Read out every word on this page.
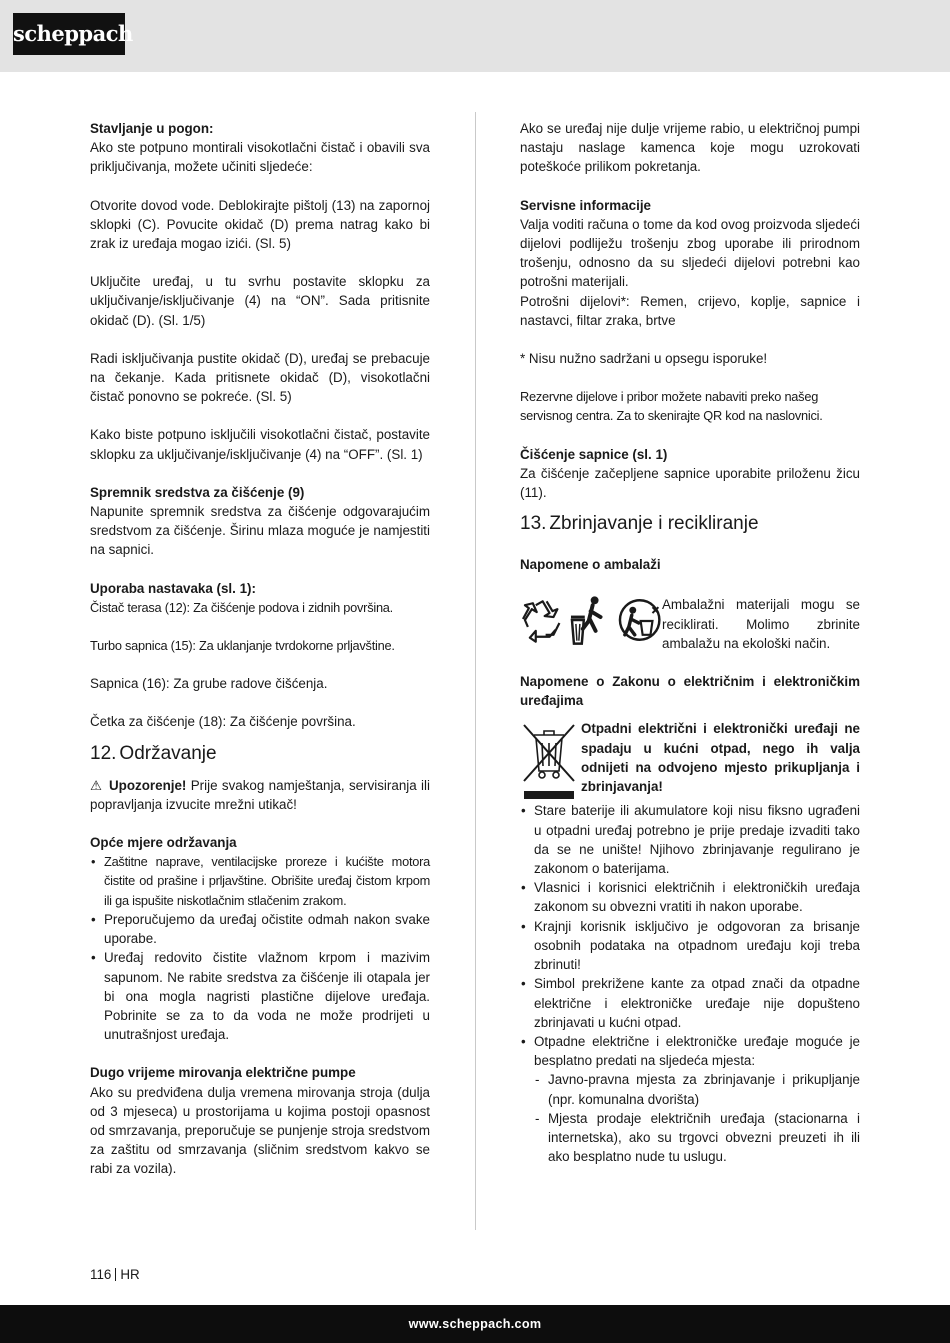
scheppach

Stavljanje u pogon:

Ako ste potpuno montirali visokotlačni čistač i obavili sva priključivanja, možete učiniti sljedeće:

Otvorite dovod vode. Deblokirajte pištolj (13) na zapornoj sklopki (C). Povucite okidač (D) prema natrag kako bi zrak iz uređaja mogao izići. (Sl. 5)

Uključite uređaj, u tu svrhu postavite sklopku za uključivanje/isključivanje (4) na “ON”. Sada pritisnite okidač (D). (Sl. 1/5)

Radi isključivanja pustite okidač (D), uređaj se prebacuje na čekanje. Kada pritisnete okidač (D), visokotlačni čistač ponovno se pokreće. (Sl. 5)

Kako biste potpuno isključili visokotlačni čistač, postavite sklopku za uključivanje/isključivanje (4) na “OFF”. (Sl. 1)

Spremnik sredstva za čišćenje (9)

Napunite spremnik sredstva za čišćenje odgovarajućim sredstvom za čišćenje. Širinu mlaza moguće je namjestiti na sapnici.

Uporaba nastavaka (sl. 1):

Čistač terasa (12): Za čišćenje podova i zidnih površina.

Turbo sapnica (15): Za uklanjanje tvrdokorne prljavštine.

Sapnica (16): Za grube radove čišćenja.

Četka za čišćenje (18): Za čišćenje površina.

12. Održavanje

⚠ Upozorenje! Prije svakog namještanja, servisiranja ili popravljanja izvucite mrežni utikač!

Opće mjere održavanja

• Zaštitne naprave, ventilacijske proreze i kućište motora čistite od prašine i prljavštine. Obrišite uređaj čistom krpom ili ga ispušite niskotlačnim stlačenim zrakom.
• Preporučujemo da uređaj očistite odmah nakon svake uporabe.
• Uređaj redovito čistite vlažnom krpom i mazivim sapunom. Ne rabite sredstva za čišćenje ili otapala jer bi ona mogla nagristi plastične dijelove uređaja. Pobrinite se za to da voda ne može prodrijeti u unutrašnjost uređaja.

Dugo vrijeme mirovanja električne pumpe

Ako su predviđena dulja vremena mirovanja stroja (dulja od 3 mjeseca) u prostorijama u kojima postoji opasnost od smrzavanja, preporučuje se punjenje stroja sredstvom za zaštitu od smrzavanja (sličnim sredstvom kakvo se rabi za vozila).

Ako se uređaj nije dulje vrijeme rabio, u električnoj pumpi nastaju naslage kamenca koje mogu uzrokovati poteškoće prilikom pokretanja.

Servisne informacije

Valja voditi računa o tome da kod ovog proizvoda sljedeći dijelovi podliježu trošenju zbog uporabe ili prirodnom trošenju, odnosno da su sljedeći dijelovi potrebni kao potrošni materijali.

Potrošni dijelovi*: Remen, crijevo, koplje, sapnice i nastavci, filtar zraka, brtve

* Nisu nužno sadržani u opsegu isporuke!

Rezervne dijelove i pribor možete nabaviti preko našeg servisnog centra. Za to skenirajte QR kod na naslovnici.

Čišćenje sapnice (sl. 1)

Za čišćenje začepljene sapnice uporabite priloženu žicu (11).

13. Zbrinjavanje i recikliranje

Napomene o ambalaži

Ambalažni materijali mogu se reciklirati. Molimo zbrinite ambalažu na ekološki način.

Napomene o Zakonu o električnim i elektroničkim uređajima

Otpadni električni i elektronički uređaji ne spadaju u kućni otpad, nego ih valja odnijeti na odvojeno mjesto prikupljanja i zbrinjavanja!

• Stare baterije ili akumulatore koji nisu fiksno ugrađeni u otpadni uređaj potrebno je prije predaje izvaditi tako da se ne unište! Njihovo zbrinjavanje regulirano je zakonom o baterijama.
• Vlasnici i korisnici električnih i elektroničkih uređaja zakonom su obvezni vratiti ih nakon uporabe.
• Krajnji korisnik isključivo je odgovoran za brisanje osobnih podataka na otpadnom uređaju koji treba zbrinuti!
• Simbol prekrižene kante za otpad znači da otpadne električne i elektroničke uređaje nije dopušteno zbrinjavati u kućni otpad.
• Otpadne električne i elektroničke uređaje moguće je besplatno predati na sljedeća mjesta:
- Javno-pravna mjesta za zbrinjavanje i prikupljanje (npr. komunalna dvorišta)
- Mjesta prodaje električnih uređaja (stacionarna i internetska), ako su trgovci obvezni preuzeti ih ili ako besplatno nude tu uslugu.
116 HR
www.scheppach.com
